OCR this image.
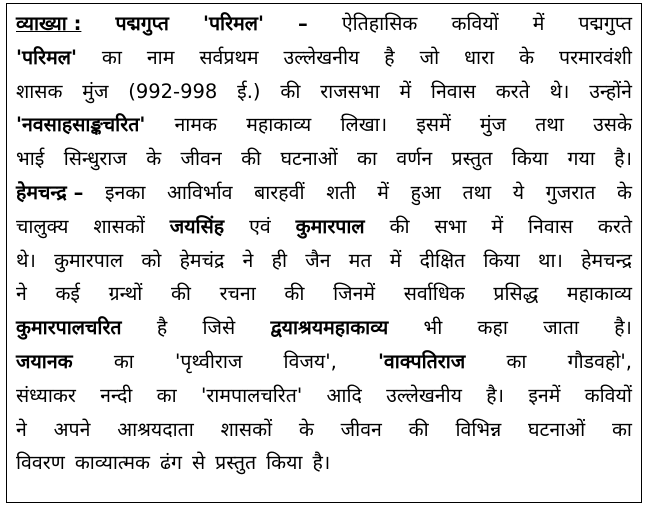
व्याख्या : पद्मगुप्त 'परिमल' – ऐतिहासिक कवियों में पद्मगुप्त
'परिमल' का नाम सर्वप्रथम उल्लेखनीय है जो धारा के परमारवंशी
शासक मुंज (992-998 ई.) की राजसभा में निवास करते थे। उन्होंने
'नवसाहसाङ्कचरित' नामक महाकाव्य लिखा। इसमें मुंज तथा उसके
भाई सिन्धुराज के जीवन की घटनाओं का वर्णन प्रस्तुत किया गया है।
हेमचन्द्र – इनका आविर्भाव बारहवीं शती में हुआ तथा ये गुजरात के
चालुक्य शासकों जयसिंह एवं कुमारपाल की सभा में निवास करते
थे। कुमारपाल को हेमचंद्र ने ही जैन मत में दीक्षित किया था। हेमचन्द्र
ने कई ग्रन्थों की रचना की जिनमें सर्वाधिक प्रसिद्ध महाकाव्य
कुमारपालचरित है जिसे द्वयाश्रयमहाकाव्य भी कहा जाता है।
जयानक का 'पृथ्वीराज विजय', 'वाक्पतिराज का गौडवहो',
संध्याकर नन्दी का 'रामपालचरित' आदि उल्लेखनीय है। इनमें कवियों
ने अपने आश्रयदाता शासकों के जीवन की विभिन्न घटनाओं का
विवरण काव्यात्मक ढंग से प्रस्तुत किया है।
